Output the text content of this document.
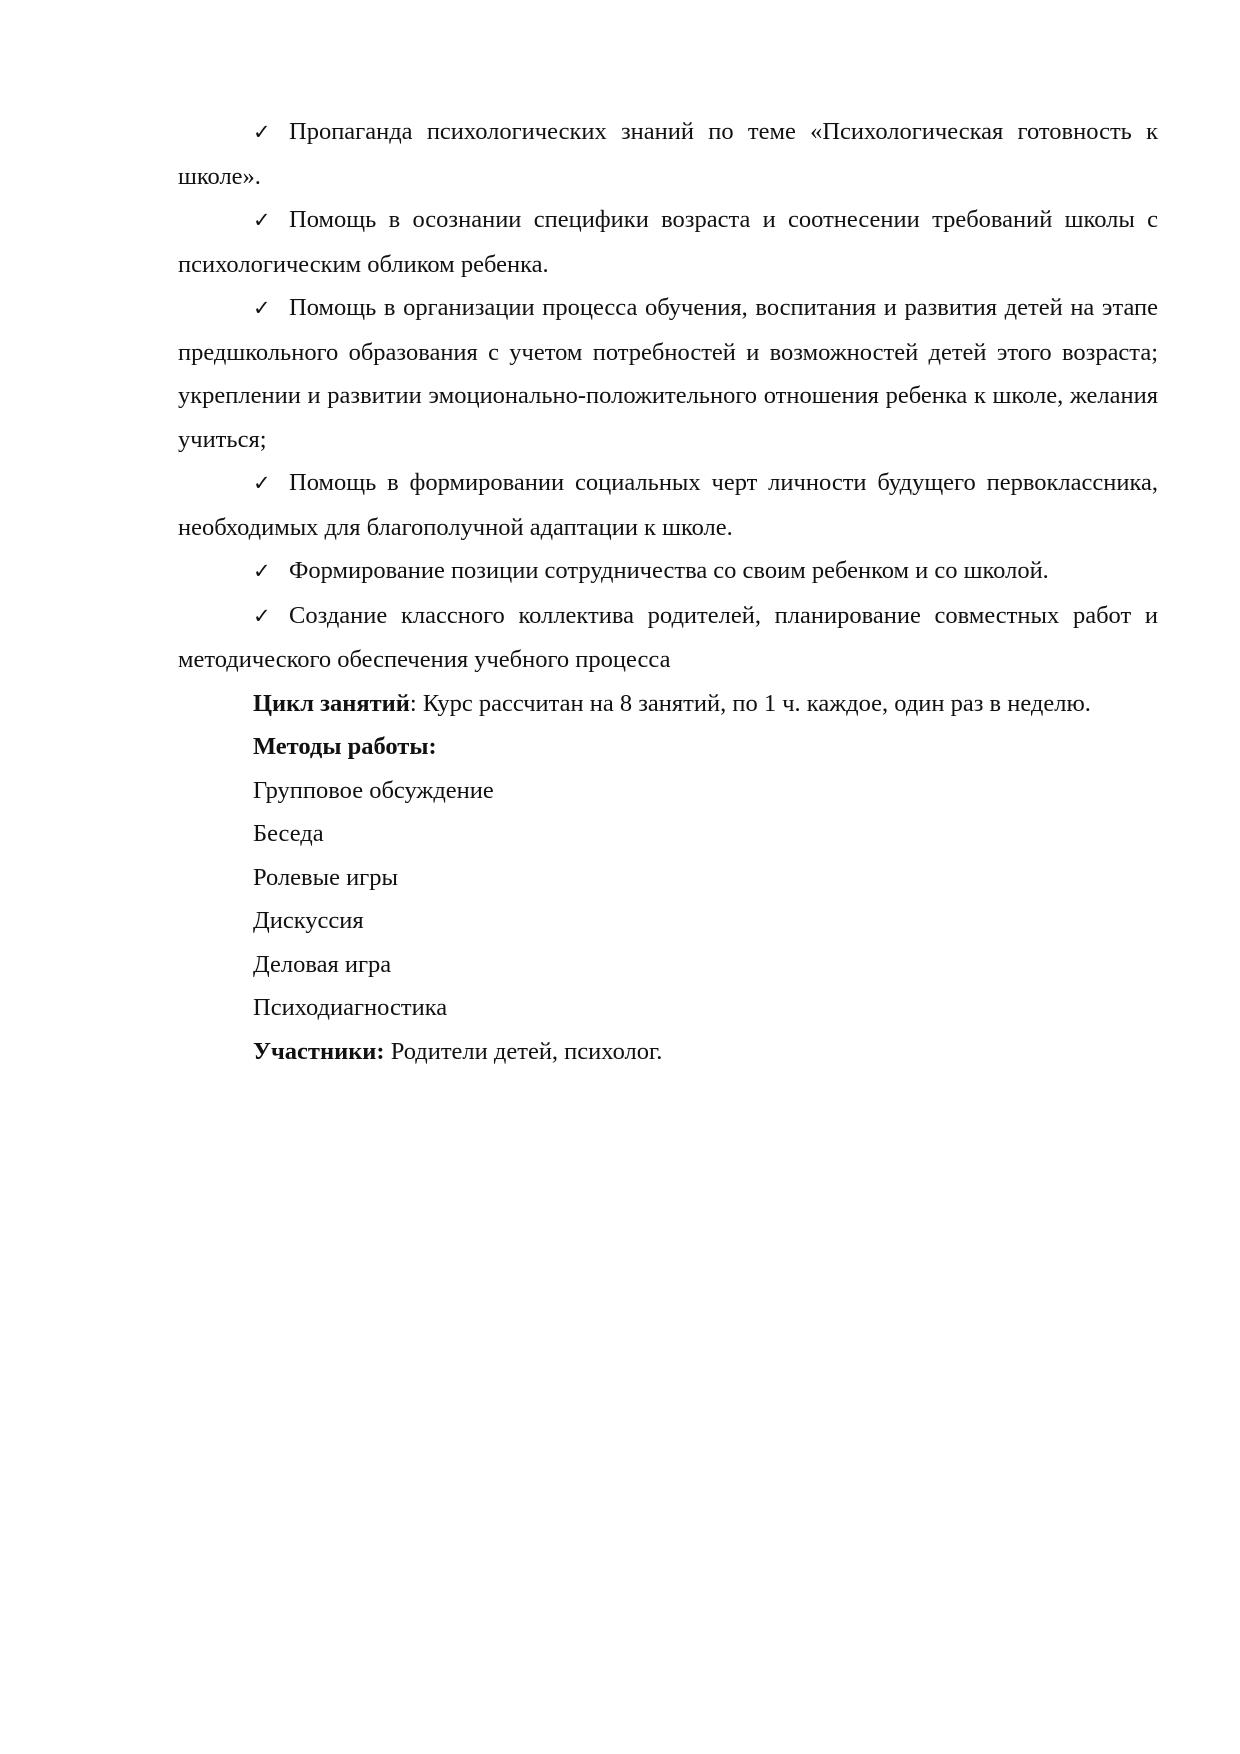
✓ Пропаганда психологических знаний по теме «Психологическая готовность к школе».

✓ Помощь в осознании специфики возраста и соотнесении требований школы с психологическим обликом ребенка.

✓ Помощь в организации процесса обучения, воспитания и развития детей на этапе предшкольного образования с учетом потребностей и возможностей детей этого возраста; укреплении и развитии эмоционально-положительного отношения ребенка к школе, желания учиться;

✓ Помощь в формировании социальных черт личности будущего первоклассника, необходимых для благополучной адаптации к школе.

✓ Формирование позиции сотрудничества со своим ребенком и со школой.

✓ Создание классного коллектива родителей, планирование совместных работ и методического обеспечения учебного процесса

Цикл занятий: Курс рассчитан на 8 занятий, по 1 ч. каждое, один раз в неделю.

Методы работы:

Групповое обсуждение

Беседа

Ролевые игры

Дискуссия

Деловая игра

Психодиагностика

Участники: Родители детей, психолог.
